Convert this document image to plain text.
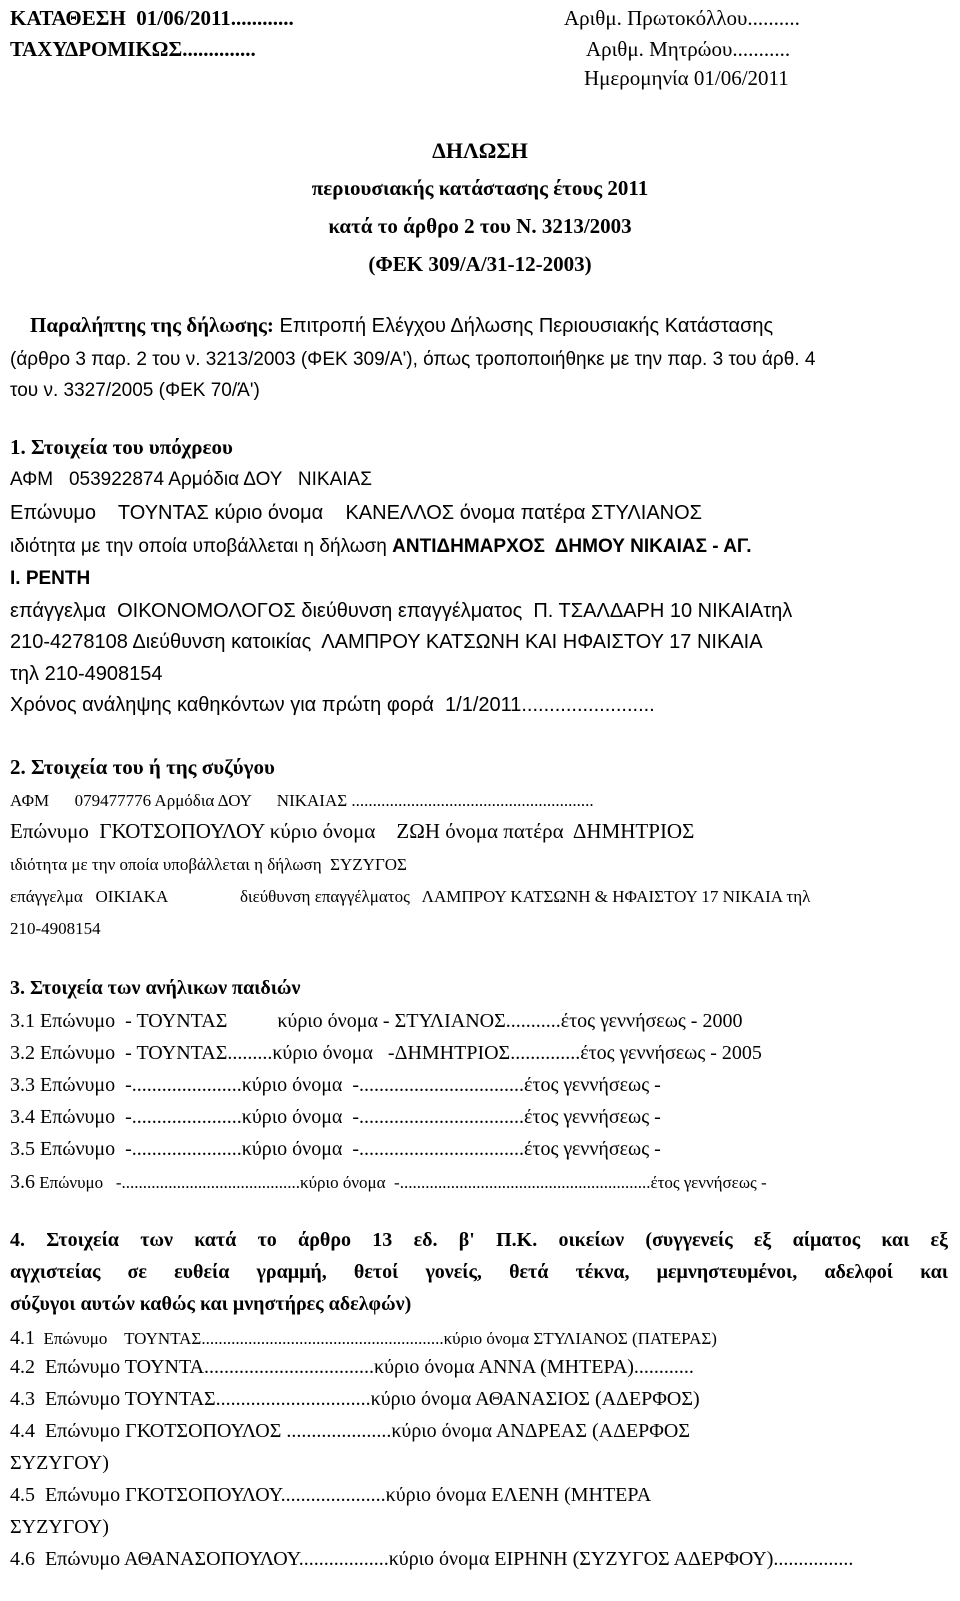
ΚΑΤΑΘΕΣΗ  01/06/2011............
ΤΑΧΥΔΡΟΜΙΚΩΣ..............
Αριθμ. Πρωτοκόλλου..........
Αριθμ. Μητρώου...........
Ημερομηνία 01/06/2011
ΔΗΛΩΣΗ
περιουσιακής κατάστασης έτους 2011
κατά το άρθρο 2 του Ν. 3213/2003
(ΦΕΚ 309/Α/31-12-2003)
Παραλήπτης της δήλωσης: Επιτροπή Ελέγχου Δήλωσης Περιουσιακής Κατάστασης
(άρθρο 3 παρ. 2 του ν. 3213/2003 (ΦΕΚ 309/Α'), όπως τροποποιήθηκε με την παρ. 3 του άρθ. 4
του ν. 3327/2005 (ΦΕΚ 70/Ά')
1. Στοιχεία του υπόχρεου
ΑΦΜ   053922874 Αρμόδια ΔΟΥ   ΝΙΚΑΙΑΣ
Επώνυμο    ΤΟΥΝΤΑΣ κύριο όνομα    ΚΑΝΕΛΛΟΣ όνομα πατέρα ΣΤΥΛΙΑΝΟΣ
ιδιότητα με την οποία υποβάλλεται η δήλωση ΑΝΤΙΔΗΜΑΡΧΟΣ  ΔΗΜΟΥ ΝΙΚΑΙΑΣ - ΑΓ.
Ι. ΡΕΝΤΗ
επάγγελμα  ΟΙΚΟΝΟΜΟΛΟΓΟΣ διεύθυνση επαγγέλματος  Π. ΤΣΑΛΔΑΡΗ 10 ΝΙΚΑΙΑτηλ
210-4278108 Διεύθυνση κατοικίας  ΛΑΜΠΡΟΥ ΚΑΤΣΩΝΗ ΚΑΙ ΗΦΑΙΣΤΟΥ 17 ΝΙΚΑΙΑ
τηλ 210-4908154
Χρόνος ανάληψης καθηκόντων για πρώτη φορά  1/1/2011........................
2. Στοιχεία του ή της συζύγου
ΑΦΜ      079477776 Αρμόδια ΔΟΥ      ΝΙΚΑΙΑΣ .........................................................
Επώνυμο  ΓΚΟΤΣΟΠΟΥΛΟΥ κύριο όνομα    ΖΩΗ όνομα πατέρα  ΔΗΜΗΤΡΙΟΣ
ιδιότητα με την οποία υποβάλλεται η δήλωση  ΣΥΖΥΓΟΣ
επάγγελμα   ΟΙΚΙΑΚΑ	διεύθυνση επαγγέλματος   ΛΑΜΠΡΟΥ ΚΑΤΣΩΝΗ & ΗΦΑΙΣΤΟΥ 17 ΝΙΚΑΙΑ τηλ
210-4908154
3. Στοιχεία των ανήλικων παιδιών
3.1 Επώνυμο  - ΤΟΥΝΤΑΣ          κύριο όνομα - ΣΤΥΛΙΑΝΟΣ...........έτος γεννήσεως - 2000
3.2 Επώνυμο  - ΤΟΥΝΤΑΣ.........κύριο όνομα   -ΔΗΜΗΤΡΙΟΣ..............έτος γεννήσεως - 2005
3.3 Επώνυμο  -......................κύριο όνομα  -.................................έτος γεννήσεως -
3.4 Επώνυμο  -......................κύριο όνομα  -.................................έτος γεννήσεως -
3.5 Επώνυμο  -......................κύριο όνομα  -.................................έτος γεννήσεως -
3.6 Επώνυμο   -..........................................κύριο όνομα  -...........................................................έτος γεννήσεως -
4. Στοιχεία των κατά το άρθρο 13 εδ. β' Π.Κ. οικείων (συγγενείς εξ αίματος και εξ
αγχιστείας σε ευθεία γραμμή, θετοί γονείς, θετά τέκνα, μεμνηστευμένοι, αδελφοί και
σύζυγοι αυτών καθώς και μνηστήρες αδελφών)
4.1 Επώνυμο    ΤΟΥΝΤΑΣ.........................................................κύριο όνομα ΣΤΥΛΙΑΝΟΣ (ΠΑΤΕΡΑΣ)
4.2 Επώνυμο ΤΟΥΝΤΑ..................................κύριο όνομα ΑΝΝΑ (ΜΗΤΕΡΑ)............
4.3 Επώνυμο ΤΟΥΝΤΑΣ...............................κύριο όνομα ΑΘΑΝΑΣΙΟΣ (ΑΔΕΡΦΟΣ)
4.4 Επώνυμο ΓΚΟΤΣΟΠΟΥΛΟΣ .....................κύριο όνομα ΑΝΔΡΕΑΣ (ΑΔΕΡΦΟΣ
ΣΥΖΥΓΟΥ)
4.5 Επώνυμο ΓΚΟΤΣΟΠΟΥΛΟΥ.....................κύριο όνομα ΕΛΕΝΗ (ΜΗΤΕΡΑ
ΣΥΖΥΓΟΥ)
4.6 Επώνυμο ΑΘΑΝΑΣΟΠΟΥΛΟΥ..................κύριο όνομα ΕΙΡΗΝΗ (ΣΥΖΥΓΟΣ ΑΔΕΡΦΟΥ)................
